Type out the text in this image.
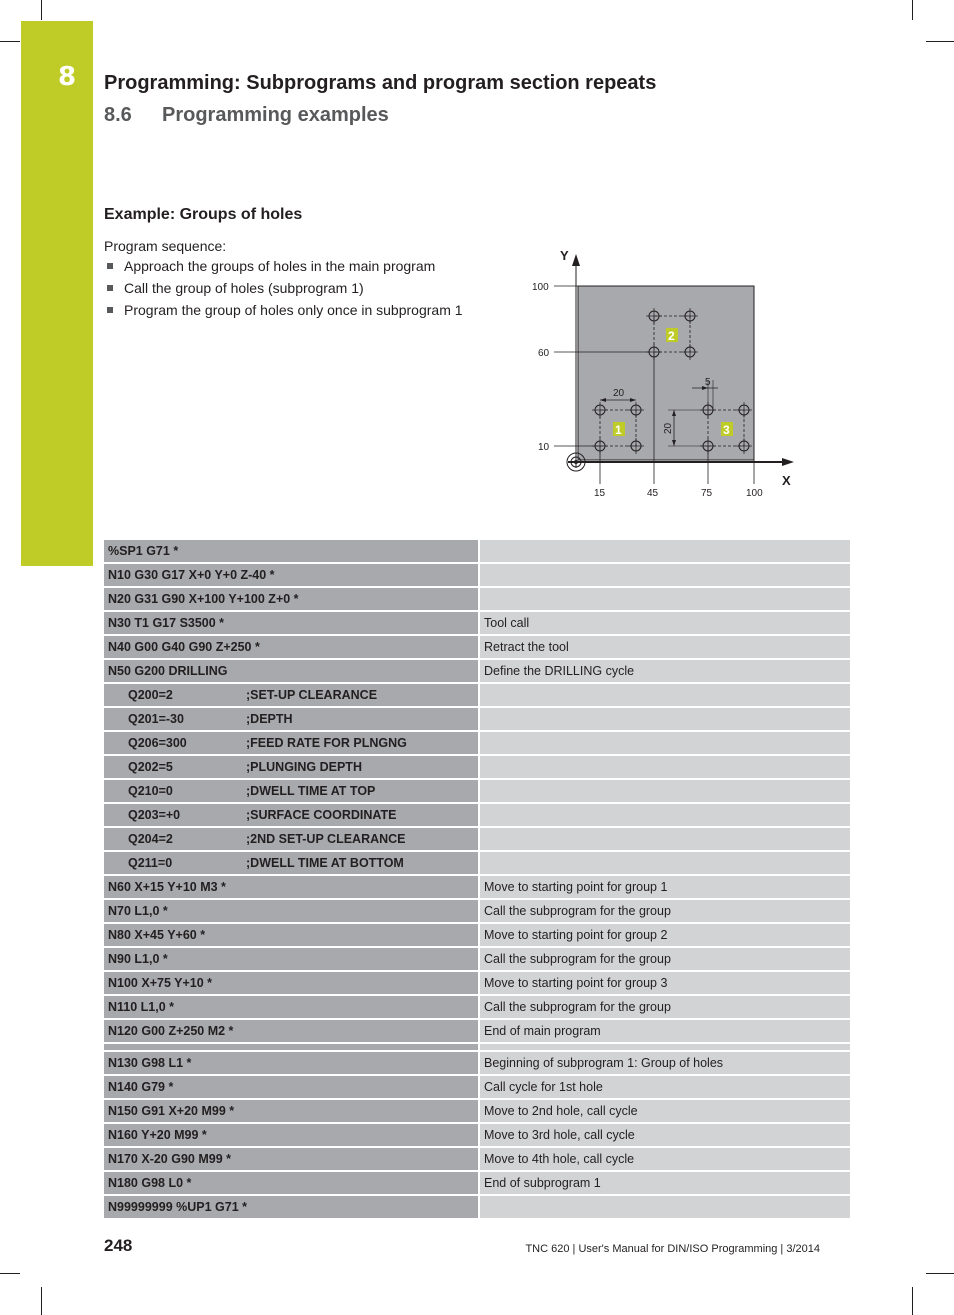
8 Programming: Subprograms and program section repeats
8.6 Programming examples
Example: Groups of holes
Program sequence:
Approach the groups of holes in the main program
Call the group of holes (subprogram 1)
Program the group of holes only once in subprogram 1
Y
X
100
60
10
15	45	75	100
20
20
5
1
2
3
%SP1 G71 *	
N10 G30 G17 X+0 Y+0 Z-40 *	
N20 G31 G90 X+100 Y+100 Z+0 *	
N30 T1 G17 S3500 *	Tool call
N40 G00 G40 G90 Z+250 *	Retract the tool
N50 G200 DRILLING	Define the DRILLING cycle
Q200=2 ;SET-UP CLEARANCE	
Q201=-30 ;DEPTH	
Q206=300 ;FEED RATE FOR PLNGNG	
Q202=5 ;PLUNGING DEPTH	
Q210=0 ;DWELL TIME AT TOP	
Q203=+0 ;SURFACE COORDINATE	
Q204=2 ;2ND SET-UP CLEARANCE	
Q211=0 ;DWELL TIME AT BOTTOM	
N60 X+15 Y+10 M3 *	Move to starting point for group 1
N70 L1,0 *	Call the subprogram for the group
N80 X+45 Y+60 *	Move to starting point for group 2
N90 L1,0 *	Call the subprogram for the group
N100 X+75 Y+10 *	Move to starting point for group 3
N110 L1,0 *	Call the subprogram for the group
N120 G00 Z+250 M2 *	End of main program

N130 G98 L1 *	Beginning of subprogram 1: Group of holes
N140 G79 *	Call cycle for 1st hole
N150 G91 X+20 M99 *	Move to 2nd hole, call cycle
N160 Y+20 M99 *	Move to 3rd hole, call cycle
N170 X-20 G90 M99 *	Move to 4th hole, call cycle
N180 G98 L0 *	End of subprogram 1
N99999999 %UP1 G71 *	
248	TNC 620 | User's Manual for DIN/ISO Programming | 3/2014
